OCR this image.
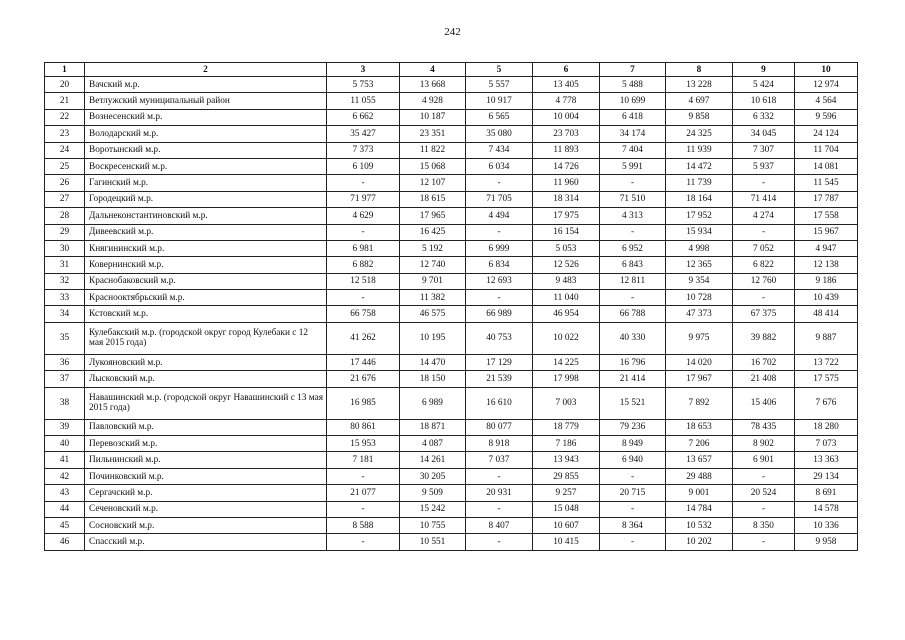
242
1	2	3	4	5	6	7	8	9	10
20	Вачский м.р.	5 753	13 668	5 557	13 405	5 488	13 228	5 424	12 974
21	Ветлужский муниципальный район	11 055	4 928	10 917	4 778	10 699	4 697	10 618	4 564
22	Вознесенский м.р.	6 662	10 187	6 565	10 004	6 418	9 858	6 332	9 596
23	Володарский м.р.	35 427	23 351	35 080	23 703	34 174	24 325	34 045	24 124
24	Воротынский м.р.	7 373	11 822	7 434	11 893	7 404	11 939	7 307	11 704
25	Воскресенский м.р.	6 109	15 068	6 034	14 726	5 991	14 472	5 937	14 081
26	Гагинский м.р.	-	12 107	-	11 960	-	11 739	-	11 545
27	Городецкий м.р.	71 977	18 615	71 705	18 314	71 510	18 164	71 414	17 787
28	Дальнеконстантиновский м.р.	4 629	17 965	4 494	17 975	4 313	17 952	4 274	17 558
29	Дивеевский м.р.	-	16 425	-	16 154	-	15 934	-	15 967
30	Княгининский м.р.	6 981	5 192	6 999	5 053	6 952	4 998	7 052	4 947
31	Ковернинский м.р.	6 882	12 740	6 834	12 526	6 843	12 365	6 822	12 138
32	Краснобаковский м.р.	12 518	9 701	12 693	9 483	12 811	9 354	12 760	9 186
33	Краснооктябрьский м.р.	-	11 382	-	11 040	-	10 728	-	10 439
34	Кстовский м.р.	66 758	46 575	66 989	46 954	66 788	47 373	67 375	48 414
35	Кулебакский м.р. (городской округ город Кулебаки с 12 мая 2015 года)	41 262	10 195	40 753	10 022	40 330	9 975	39 882	9 887
36	Лукояновский м.р.	17 446	14 470	17 129	14 225	16 796	14 020	16 702	13 722
37	Лысковский м.р.	21 676	18 150	21 539	17 998	21 414	17 967	21 408	17 575
38	Навашинский м.р. (городской округ Навашинский с 13 мая 2015 года)	16 985	6 989	16 610	7 003	15 521	7 892	15 406	7 676
39	Павловский м.р.	80 861	18 871	80 077	18 779	79 236	18 653	78 435	18 280
40	Перевозский м.р.	15 953	4 087	8 918	7 186	8 949	7 206	8 902	7 073
41	Пильнинский м.р.	7 181	14 261	7 037	13 943	6 940	13 657	6 901	13 363
42	Починковский м.р.	-	30 205	-	29 855	-	29 488	-	29 134
43	Сергачский м.р.	21 077	9 509	20 931	9 257	20 715	9 001	20 524	8 691
44	Сеченовский м.р.	-	15 242	-	15 048	-	14 784	-	14 578
45	Сосновский м.р.	8 588	10 755	8 407	10 607	8 364	10 532	8 350	10 336
46	Спасский м.р.	-	10 551	-	10 415	-	10 202	-	9 958
